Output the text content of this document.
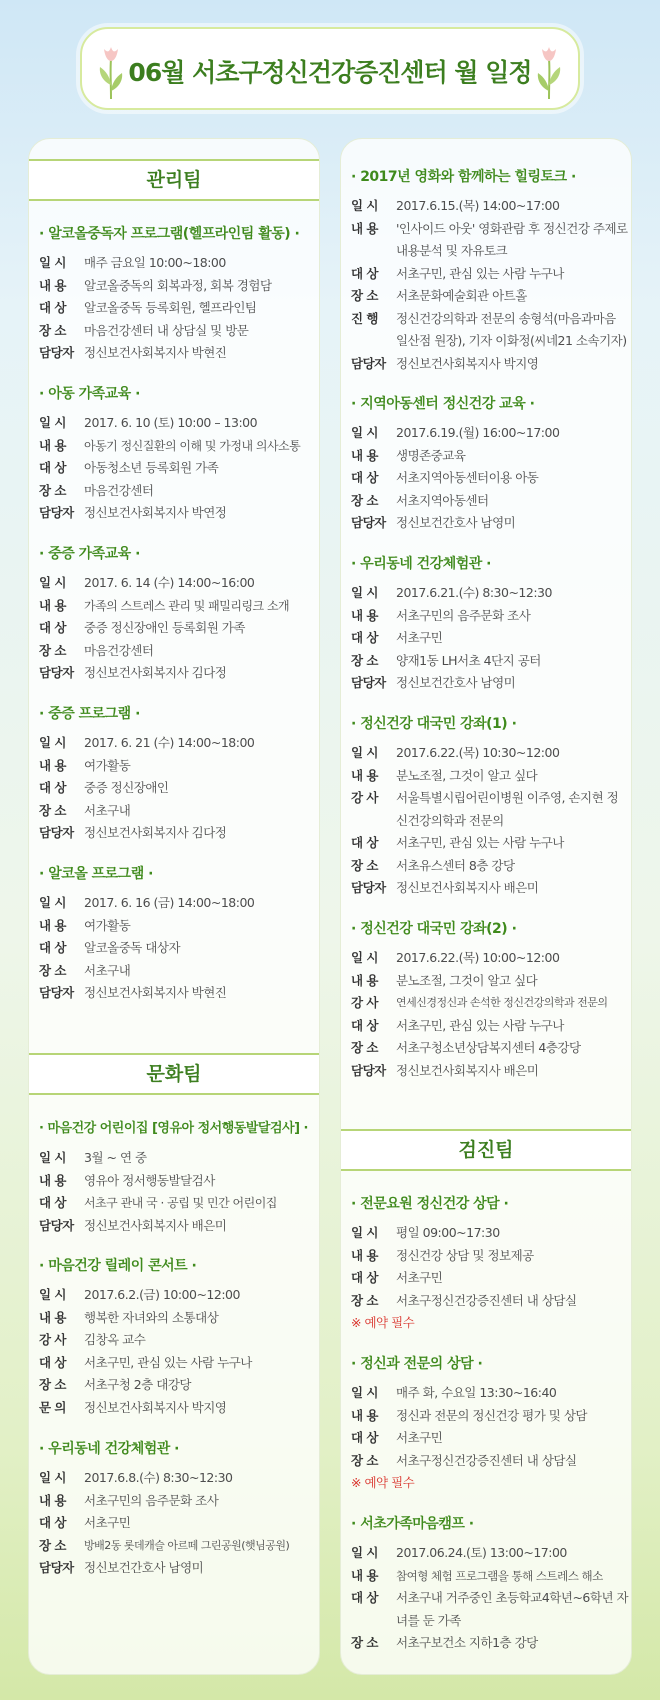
06월 서초구정신건강증진센터 월 일정
관리팀
· 알코올중독자 프로그램(헬프라인팀 활동) ·
일 시	매주 금요일 10:00~18:00
내 용	알코올중독의 회복과정, 회복 경험담
대 상	알코올중독 등록회원, 헬프라인팀
장 소	마음건강센터 내 상담실 및 방문
담당자 정신보건사회복지사 박현진
· 아동 가족교육 ·
일 시	2017. 6. 10 (토) 10:00 – 13:00
내 용	아동기 정신질환의 이해 및 가정내 의사소통
대 상	아동청소년 등록회원 가족
장 소	마음건강센터
담당자 정신보건사회복지사 박연정
· 중증 가족교육 ·
일 시	2017. 6. 14 (수) 14:00~16:00
내 용	가족의 스트레스 관리 및 패밀리링크 소개
대 상	중증 정신장애인 등록회원 가족
장 소	마음건강센터
담당자 정신보건사회복지사 김다정
· 중증 프로그램 ·
일 시	2017. 6. 21 (수) 14:00~18:00
내 용	여가활동
대 상	중증 정신장애인
장 소	서초구내
담당자 정신보건사회복지사 김다정
· 알코올 프로그램 ·
일 시	2017. 6. 16 (금) 14:00~18:00
내 용	여가활동
대 상	알코올중독 대상자
장 소	서초구내
담당자 정신보건사회복지사 박현진
문화팀
· 마음건강 어린이집 [영유아 정서행동발달검사] ·
일 시	3월 ~ 연 중
내 용	영유아 정서행동발달검사
대 상	서초구 관내 국 · 공립 및 민간 어린이집
담당자 정신보건사회복지사 배은미
· 마음건강 릴레이 콘서트 ·
일 시	2017.6.2.(금) 10:00~12:00
내 용	행복한 자녀와의 소통대상
강 사	김창옥 교수
대 상	서초구민, 관심 있는 사람 누구나
장 소	서초구청 2층 대강당
문 의	정신보건사회복지사 박지영
· 우리동네 건강체험관 ·
일 시	2017.6.8.(수) 8:30~12:30
내 용	서초구민의 음주문화 조사
대 상	서초구민
장 소	방배2동 롯데캐슬 아르떼 그린공원(햇님공원)
담당자 정신보건간호사 남영미
· 2017년 영화와 함께하는 힐링토크 ·
일 시	2017.6.15.(목) 14:00~17:00
내 용	'인사이드 아웃' 영화관람 후 정신건강 주제로 내용분석 및 자유토크
대 상	서초구민, 관심 있는 사람 누구나
장 소	서초문화예술회관 아트홀
진 행	정신건강의학과 전문의 송형석(마음과마음 일산점 원장), 기자 이화정(씨네21 소속기자)
담당자 정신보건사회복지사 박지영
· 지역아동센터 정신건강 교육 ·
일 시	2017.6.19.(월) 16:00~17:00
내 용	생명존중교육
대 상	서초지역아동센터이용 아동
장 소	서초지역아동센터
담당자 정신보건간호사 남영미
· 우리동네 건강체험관 ·
일 시	2017.6.21.(수) 8:30~12:30
내 용	서초구민의 음주문화 조사
대 상	서초구민
장 소	양재1동 LH서초 4단지 공터
담당자 정신보건간호사 남영미
· 정신건강 대국민 강좌(1) ·
일 시	2017.6.22.(목) 10:30~12:00
내 용	분노조절, 그것이 알고 싶다
강 사	서울특별시립어린이병원 이주영, 손지현 정신건강의학과 전문의
대 상	서초구민, 관심 있는 사람 누구나
장 소	서초유스센터 8층 강당
담당자 정신보건사회복지사 배은미
· 정신건강 대국민 강좌(2) ·
일 시	2017.6.22.(목) 10:00~12:00
내 용	분노조절, 그것이 알고 싶다
강 사	연세신경정신과 손석한 정신건강의학과 전문의
대 상	서초구민, 관심 있는 사람 누구나
장 소	서초구청소년상담복지센터 4층강당
담당자 정신보건사회복지사 배은미
검진팀
· 전문요원 정신건강 상담 ·
일 시	평일 09:00~17:30
내 용	정신건강 상담 및 정보제공
대 상	서초구민
장 소	서초구정신건강증진센터 내 상담실
※ 예약 필수
· 정신과 전문의 상담 ·
일 시	매주 화, 수요일 13:30~16:40
내 용	정신과 전문의 정신건강 평가 및 상담
대 상	서초구민
장 소	서초구정신건강증진센터 내 상담실
※ 예약 필수
· 서초가족마음캠프 ·
일 시	2017.06.24.(토) 13:00~17:00
내 용	참여형 체험 프로그램을 통해 스트레스 해소
대 상	서초구내 거주중인 초등학교4학년~6학년 자녀를 둔 가족
장 소	서초구보건소 지하1층 강당
